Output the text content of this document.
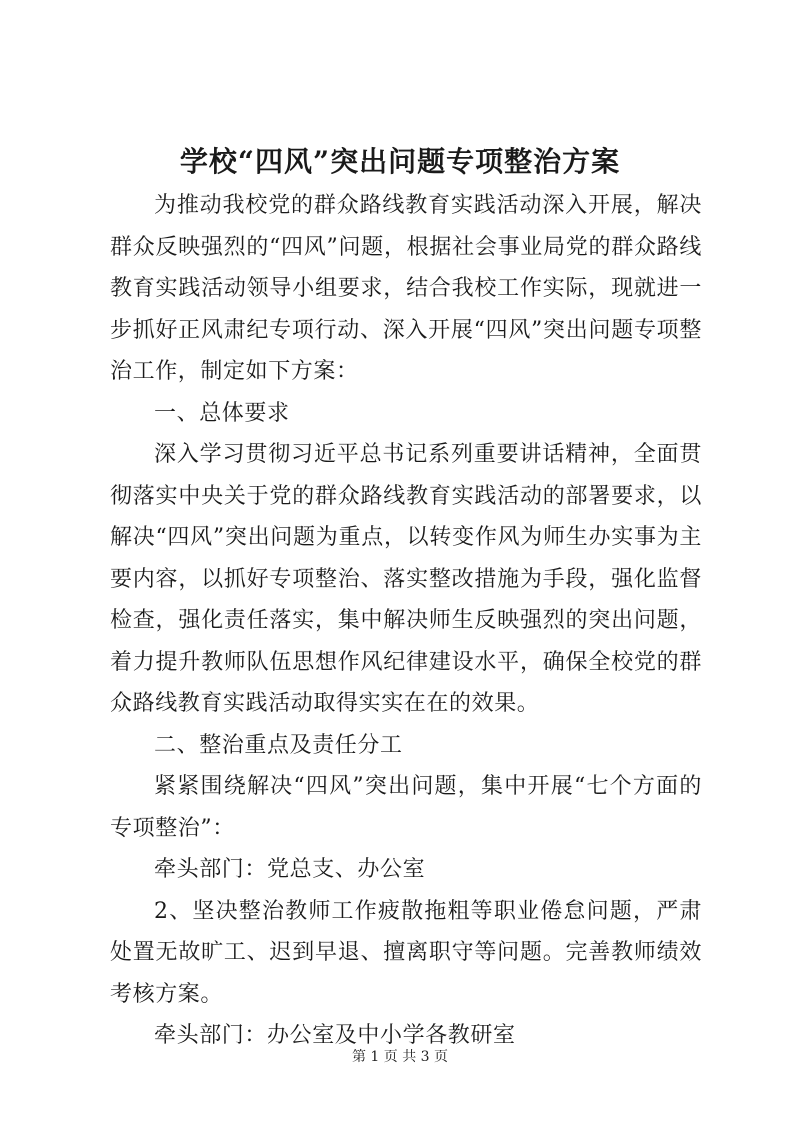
学校“四风”突出问题专项整治方案

为推动我校党的群众路线教育实践活动深入开展，解决群众反映强烈的“四风”问题，根据社会事业局党的群众路线教育实践活动领导小组要求，结合我校工作实际，现就进一步抓好正风肃纪专项行动、深入开展“四风”突出问题专项整治工作，制定如下方案：

一、总体要求

深入学习贯彻习近平总书记系列重要讲话精神，全面贯彻落实中央关于党的群众路线教育实践活动的部署要求，以解决“四风”突出问题为重点，以转变作风为师生办实事为主要内容，以抓好专项整治、落实整改措施为手段，强化监督检查，强化责任落实，集中解决师生反映强烈的突出问题，着力提升教师队伍思想作风纪律建设水平，确保全校党的群众路线教育实践活动取得实实在在的效果。

二、整治重点及责任分工

紧紧围绕解决“四风”突出问题，集中开展“七个方面的专项整治”：

牵头部门：党总支、办公室

2、坚决整治教师工作疲散拖粗等职业倦怠问题，严肃处置无故旷工、迟到早退、擅离职守等问题。完善教师绩效考核方案。

牵头部门：办公室及中小学各教研室

第 1 页 共 3 页
